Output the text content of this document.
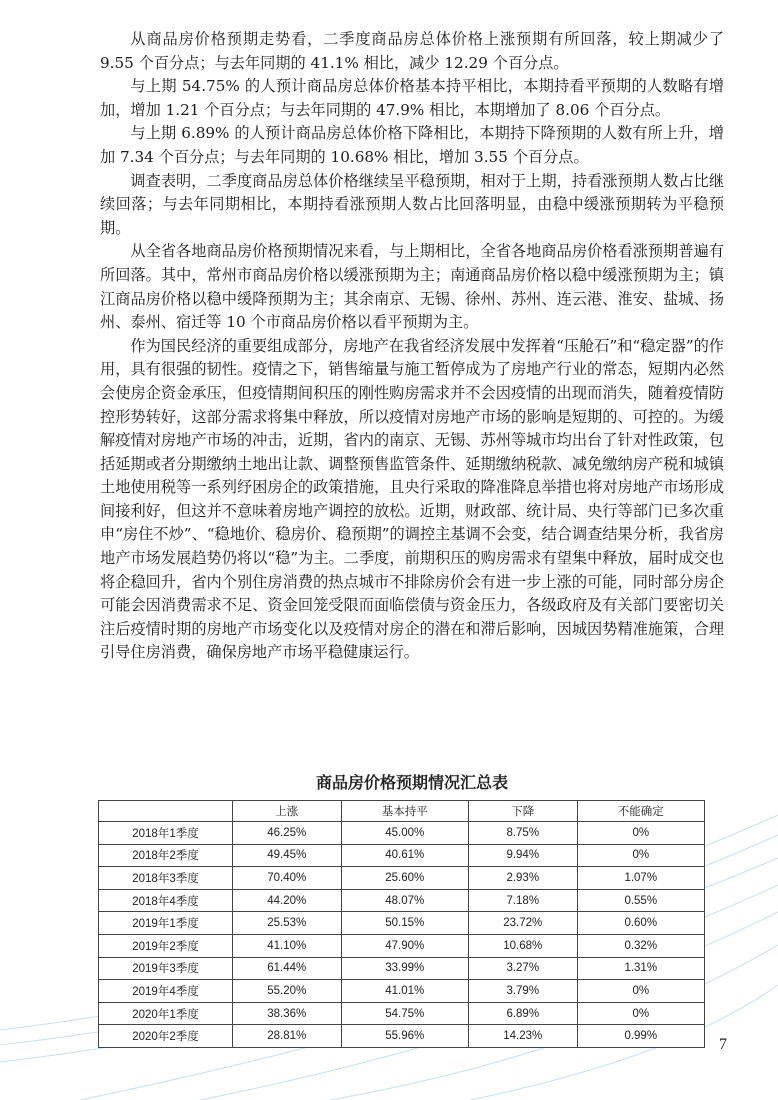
从商品房价格预期走势看，二季度商品房总体价格上涨预期有所回落，较上期减少了 9.55 个百分点；与去年同期的 41.1% 相比，减少 12.29 个百分点。

与上期 54.75% 的人预计商品房总体价格基本持平相比，本期持看平预期的人数略有增加，增加 1.21 个百分点；与去年同期的 47.9% 相比，本期增加了 8.06 个百分点。

与上期 6.89% 的人预计商品房总体价格下降相比，本期持下降预期的人数有所上升，增加 7.34 个百分点；与去年同期的 10.68% 相比，增加 3.55 个百分点。

调查表明，二季度商品房总体价格继续呈平稳预期，相对于上期，持看涨预期人数占比继续回落；与去年同期相比，本期持看涨预期人数占比回落明显，由稳中缓涨预期转为平稳预期。

从全省各地商品房价格预期情况来看，与上期相比，全省各地商品房价格看涨预期普遍有所回落。其中，常州市商品房价格以缓涨预期为主；南通商品房价格以稳中缓涨预期为主；镇江商品房价格以稳中缓降预期为主；其余南京、无锡、徐州、苏州、连云港、淮安、盐城、扬州、泰州、宿迁等 10 个市商品房价格以看平预期为主。

作为国民经济的重要组成部分，房地产在我省经济发展中发挥着“压舱石”和“稳定器”的作用，具有很强的韧性。疫情之下，销售缩量与施工暂停成为了房地产行业的常态，短期内必然会使房企资金承压，但疫情期间积压的刚性购房需求并不会因疫情的出现而消失，随着疫情防控形势转好，这部分需求将集中释放，所以疫情对房地产市场的影响是短期的、可控的。为缓解疫情对房地产市场的冲击，近期，省内的南京、无锡、苏州等城市均出台了针对性政策，包括延期或者分期缴纳土地出让款、调整预售监管条件、延期缴纳税款、减免缴纳房产税和城镇土地使用税等一系列纾困房企的政策措施，且央行采取的降准降息举措也将对房地产市场形成间接利好，但这并不意味着房地产调控的放松。近期，财政部、统计局、央行等部门已多次重申“房住不炒”、“稳地价、稳房价、稳预期”的调控主基调不会变，结合调查结果分析，我省房地产市场发展趋势仍将以“稳”为主。二季度，前期积压的购房需求有望集中释放，届时成交也将企稳回升，省内个别住房消费的热点城市不排除房价会有进一步上涨的可能，同时部分房企可能会因消费需求不足、资金回笼受限而面临偿债与资金压力，各级政府及有关部门要密切关注后疫情时期的房地产市场变化以及疫情对房企的潜在和滞后影响，因城因势精准施策，合理引导住房消费，确保房地产市场平稳健康运行。

商品房价格预期情况汇总表
	上涨	基本持平	下降	不能确定
2018年1季度	46.25%	45.00%	8.75%	0%
2018年2季度	49.45%	40.61%	9.94%	0%
2018年3季度	70.40%	25.60%	2.93%	1.07%
2018年4季度	44.20%	48.07%	7.18%	0.55%
2019年1季度	25.53%	50.15%	23.72%	0.60%
2019年2季度	41.10%	47.90%	10.68%	0.32%
2019年3季度	61.44%	33.99%	3.27%	1.31%
2019年4季度	55.20%	41.01%	3.79%	0%
2020年1季度	38.36%	54.75%	6.89%	0%
2020年2季度	28.81%	55.96%	14.23%	0.99%	7
